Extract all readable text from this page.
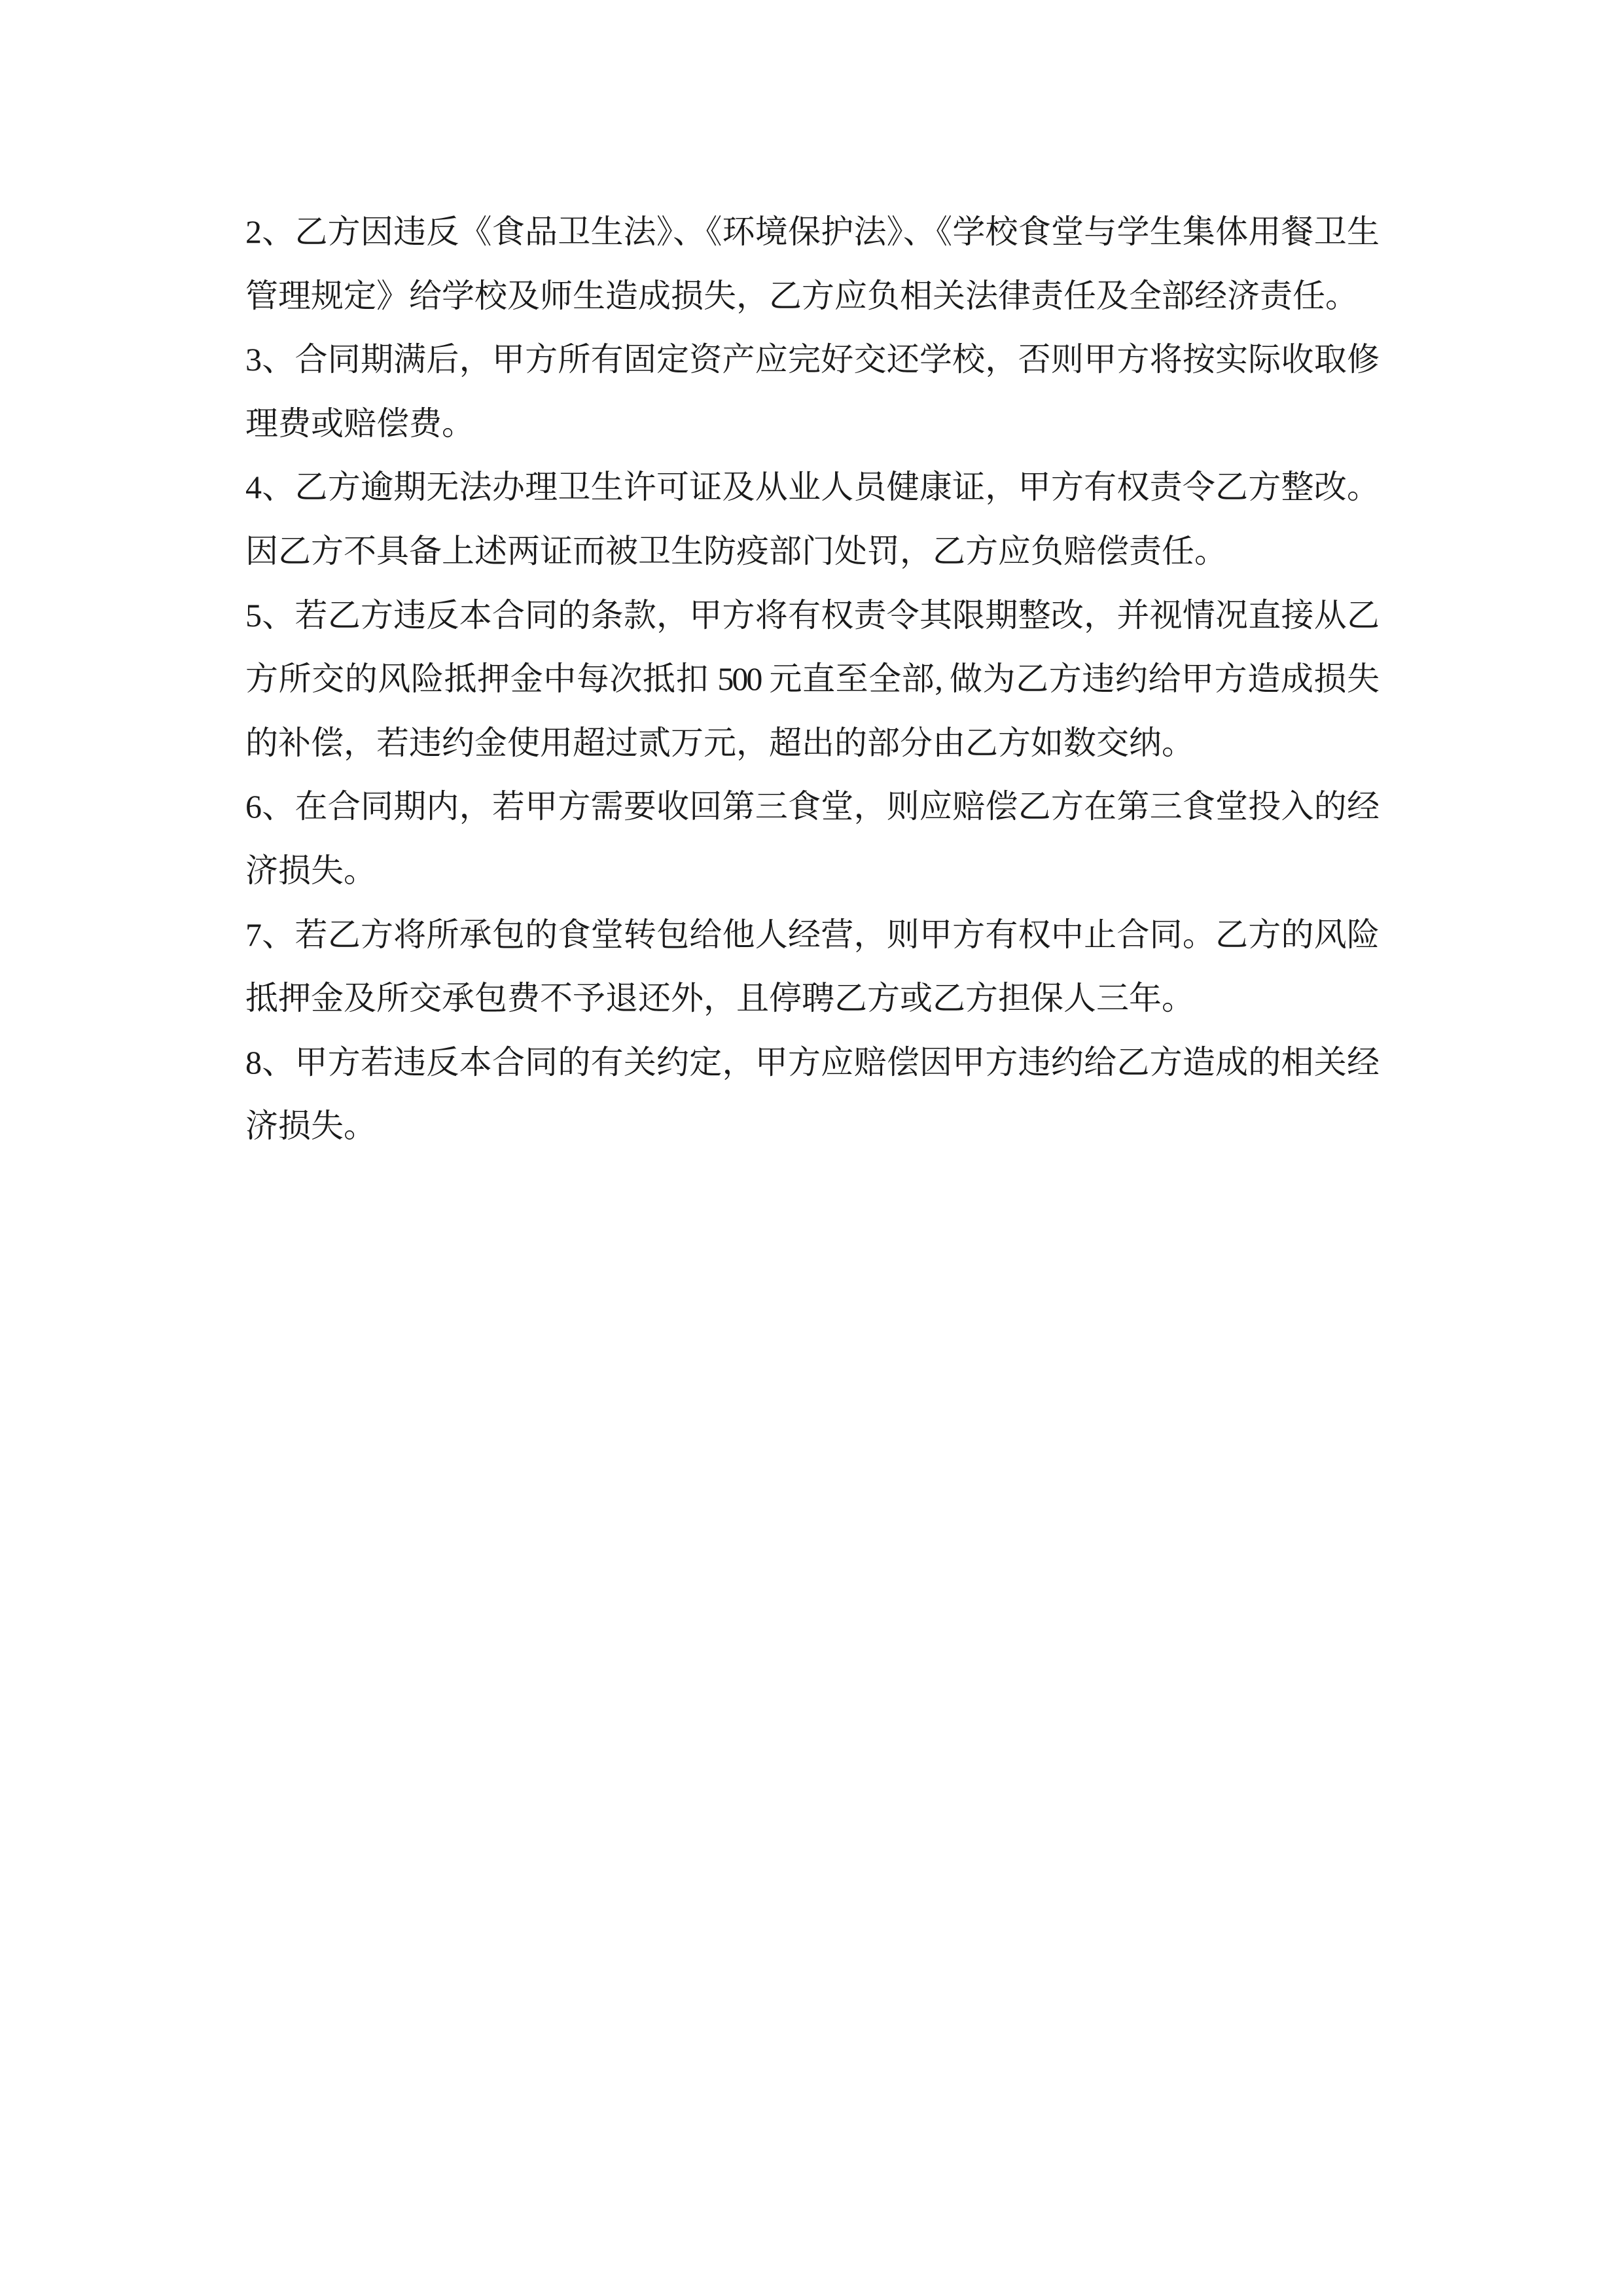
2、乙方因违反《食品卫生法》、《环境保护法》、《学校食堂与学生集体用餐卫生
管理规定》给学校及师生造成损失，乙方应负相关法律责任及全部经济责任。
3、合同期满后，甲方所有固定资产应完好交还学校，否则甲方将按实际收取修
理费或赔偿费。
4、乙方逾期无法办理卫生许可证及从业人员健康证，甲方有权责令乙方整改。
因乙方不具备上述两证而被卫生防疫部门处罚，乙方应负赔偿责任。
5、若乙方违反本合同的条款，甲方将有权责令其限期整改，并视情况直接从乙
方所交的风险抵押金中每次抵扣 500 元直至全部, 做为乙方违约给甲方造成损失
的补偿，若违约金使用超过贰万元，超出的部分由乙方如数交纳。
6、在合同期内，若甲方需要收回第三食堂，则应赔偿乙方在第三食堂投入的经
济损失。
7、若乙方将所承包的食堂转包给他人经营，则甲方有权中止合同。乙方的风险
抵押金及所交承包费不予退还外，且停聘乙方或乙方担保人三年。
8、甲方若违反本合同的有关约定，甲方应赔偿因甲方违约给乙方造成的相关经
济损失。
